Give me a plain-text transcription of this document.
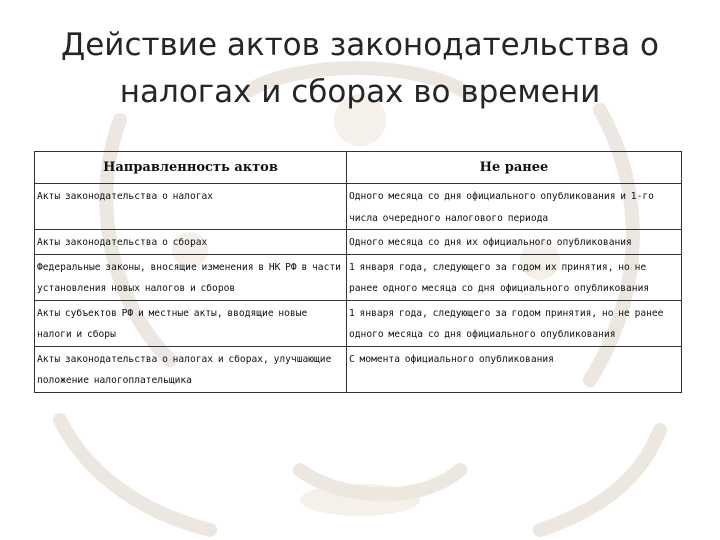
Действие актов законодательства о
налогах и сборах во времени
Направленность актов	Не ранее
Акты законодательства о налогах	Одного месяца со дня официального опубликования и 1-го числа очередного налогового периода
Акты законодательства о сборах	Одного месяца со дня их официального опубликования
Федеральные законы, вносящие изменения в НК РФ в части установления новых налогов и сборов	1 января года, следующего за годом их принятия, но не ранее одного месяца со дня официального опубликования
Акты субъектов РФ и местные акты, вводящие новые налоги и сборы	1 января года, следующего за годом принятия, но не ранее одного месяца со дня официального опубликования
Акты законодательства о налогах и сборах, улучшающие положение налогоплательщика	С момента официального опубликования
